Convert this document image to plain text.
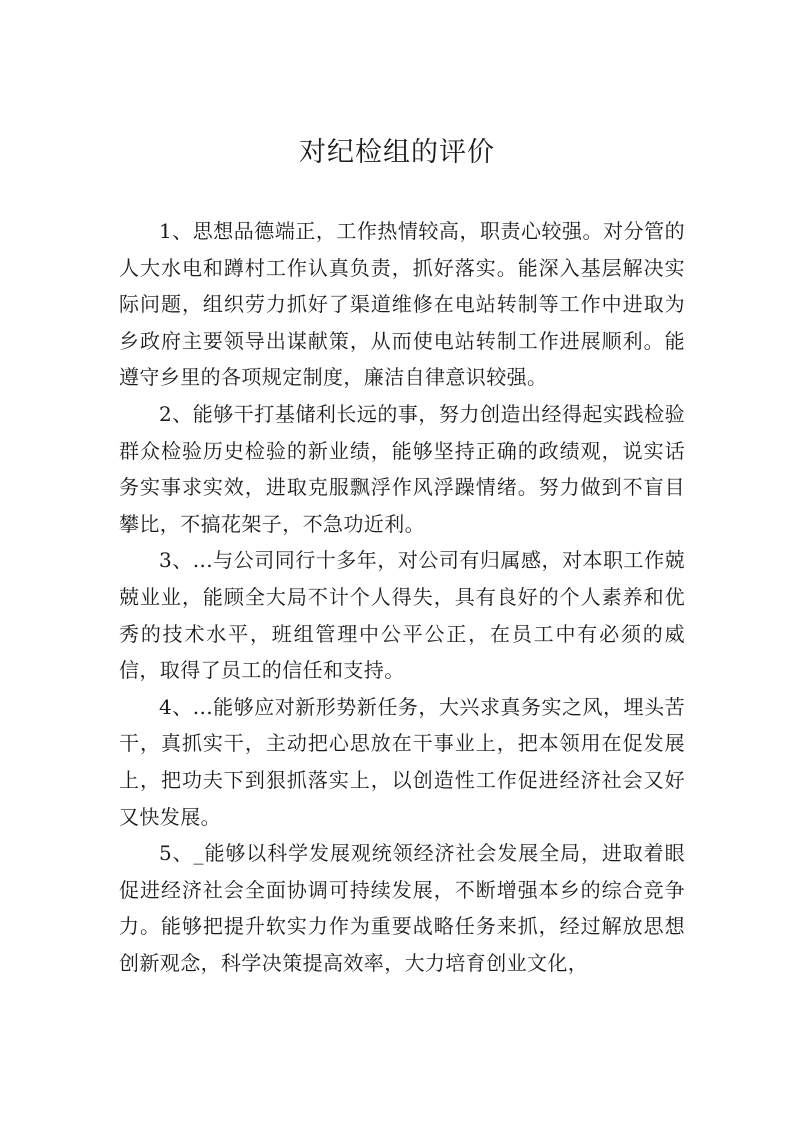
对纪检组的评价

1、思想品德端正，工作热情较高，职责心较强。对分管的人大水电和蹲村工作认真负责，抓好落实。能深入基层解决实际问题，组织劳力抓好了渠道维修在电站转制等工作中进取为乡政府主要领导出谋献策，从而使电站转制工作进展顺利。能遵守乡里的各项规定制度，廉洁自律意识较强。

2、能够干打基储利长远的事，努力创造出经得起实践检验群众检验历史检验的新业绩，能够坚持正确的政绩观，说实话务实事求实效，进取克服飘浮作风浮躁情绪。努力做到不盲目攀比，不搞花架子，不急功近利。

3、...与公司同行十多年，对公司有归属感，对本职工作兢兢业业，能顾全大局不计个人得失，具有良好的个人素养和优秀的技术水平，班组管理中公平公正，在员工中有必须的威信，取得了员工的信任和支持。

4、...能够应对新形势新任务，大兴求真务实之风，埋头苦干，真抓实干，主动把心思放在干事业上，把本领用在促发展上，把功夫下到狠抓落实上，以创造性工作促进经济社会又好又快发展。

5、_能够以科学发展观统领经济社会发展全局，进取着眼促进经济社会全面协调可持续发展，不断增强本乡的综合竞争力。能够把提升软实力作为重要战略任务来抓，经过解放思想创新观念，科学决策提高效率，大力培育创业文化，
